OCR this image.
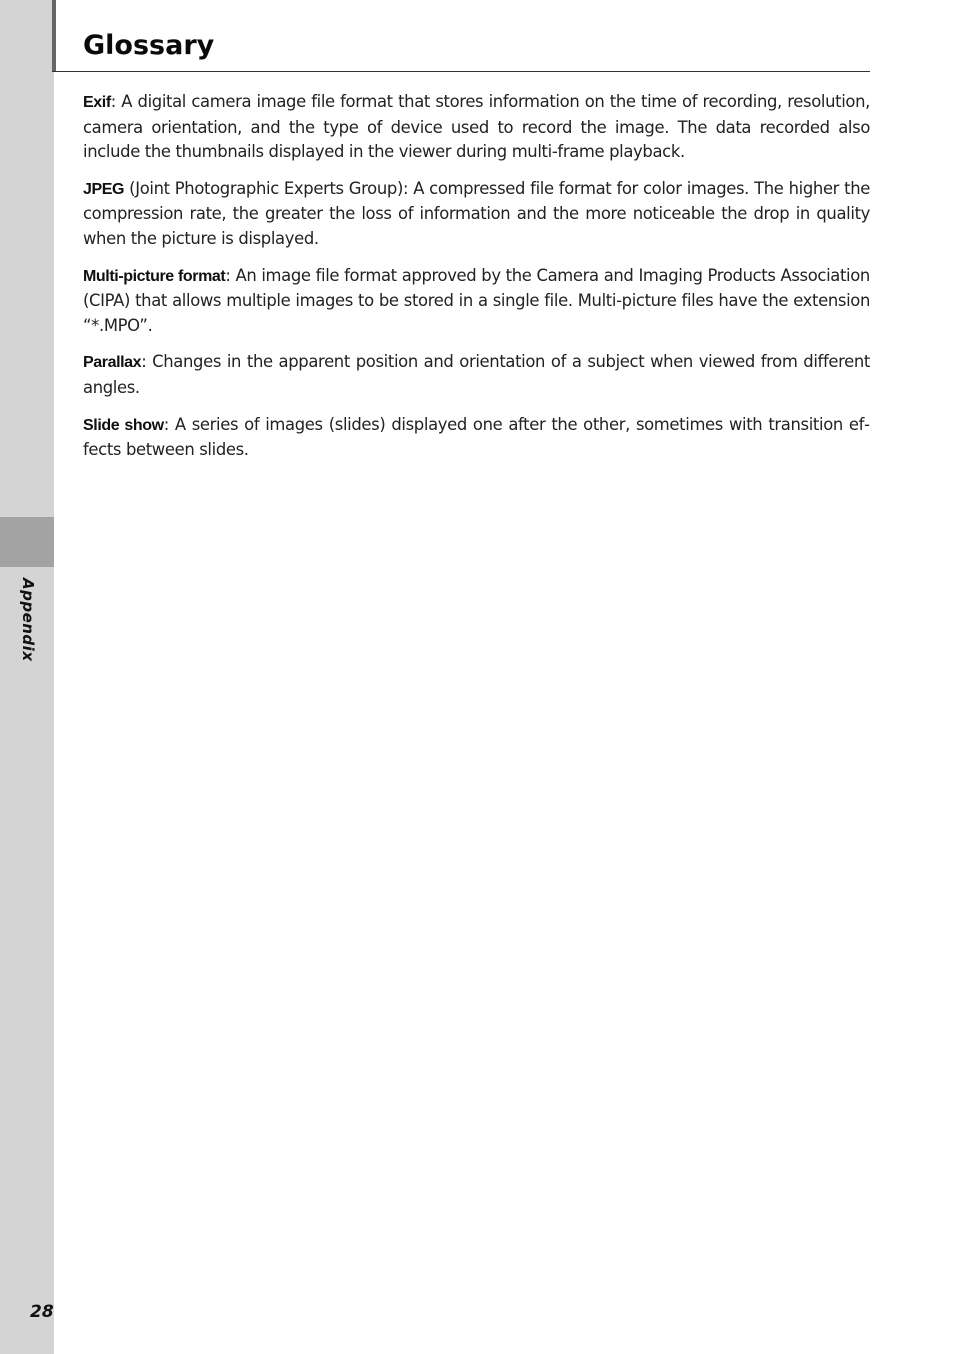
Appendix
28
Glossary

Exif: A digital camera image file format that stores information on the time of recording, resolution, camera orientation, and the type of device used to record the image. The data recorded also include the thumbnails displayed in the viewer during multi-frame playback.

JPEG (Joint Photographic Experts Group): A compressed file format for color images. The higher the compression rate, the greater the loss of information and the more noticeable the drop in quality when the picture is displayed.

Multi-picture format: An image file format approved by the Camera and Imaging Products Association (CIPA) that allows multiple images to be stored in a single file. Multi-picture files have the extension “*.MPO”.

Parallax: Changes in the apparent position and orientation of a subject when viewed from different angles.

Slide show: A series of images (slides) displayed one after the other, sometimes with transition effects between slides.
